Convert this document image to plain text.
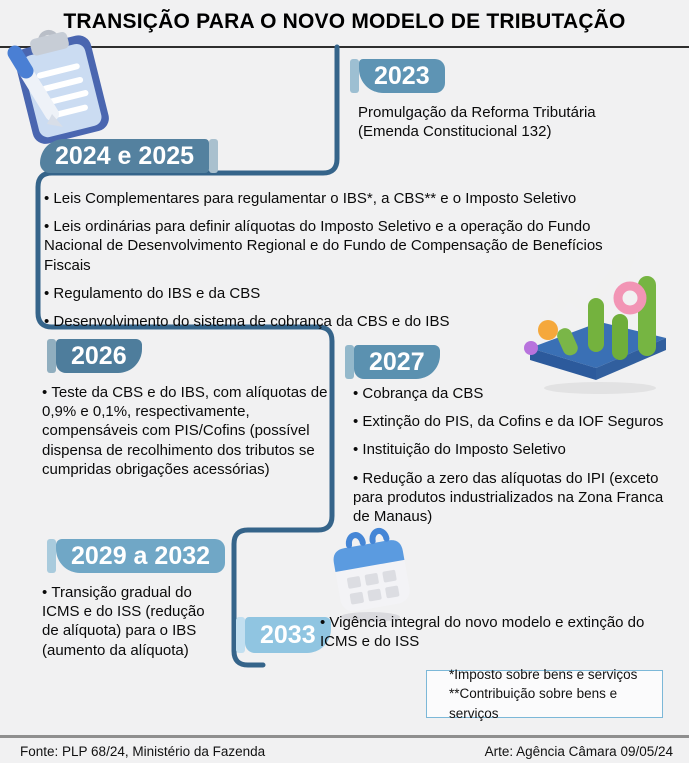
TRANSIÇÃO PARA O NOVO MODELO DE TRIBUTAÇÃO
2023
2024 e 2025
2026	2027
2029 a 2032
2033
Promulgação da Reforma Tributária (Emenda Constitucional 132)
• Leis Complementares para regulamentar o IBS*, a CBS** e o Imposto Seletivo
• Leis ordinárias para definir alíquotas do Imposto Seletivo e a operação do Fundo Nacional de Desenvolvimento Regional e do Fundo de Compensação de Benefícios Fiscais
• Regulamento do IBS e da CBS
• Desenvolvimento do sistema de cobrança da CBS e do IBS
• Teste da CBS e do IBS, com alíquotas de 0,9% e 0,1%, respectivamente, compensáveis com PIS/Cofins (possível dispensa de recolhimento dos tributos se cumpridas obrigações acessórias)
• Cobrança da CBS
• Extinção do PIS, da Cofins e da IOF Seguros
• Instituição do Imposto Seletivo
• Redução a zero das alíquotas do IPI (exceto para produtos industrializados na Zona Franca de Manaus)
• Transição gradual do ICMS e do ISS (redução de alíquota) para o IBS (aumento da alíquota)
• Vigência integral do novo modelo e extinção do ICMS e do ISS
*Imposto sobre bens e serviços
**Contribuição sobre bens e serviços
Fonte: PLP 68/24, Ministério da Fazenda	Arte: Agência Câmara 09/05/24
